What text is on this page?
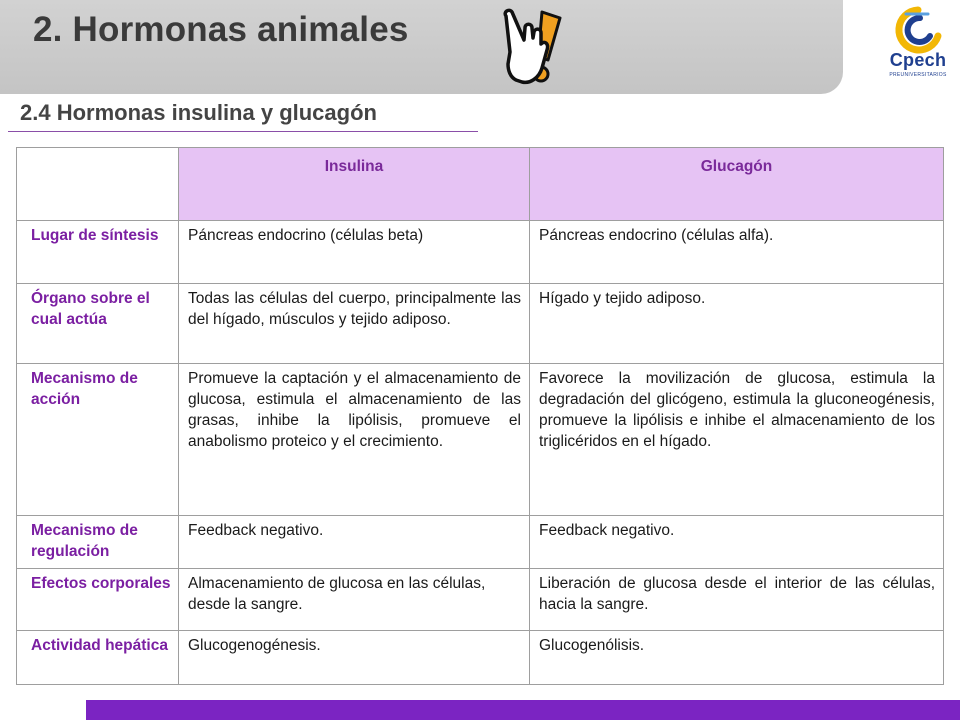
2. Hormonas animales
Cpech
PREUNIVERSITARIOS
2.4 Hormonas insulina y glucagón
	Insulina	Glucagón
Lugar de síntesis	Páncreas endocrino (células beta)	Páncreas endocrino (células alfa).
Órgano sobre el cual actúa	Todas las células del cuerpo, principalmente las del hígado, músculos y tejido adiposo.	Hígado y tejido adiposo.
Mecanismo de acción	Promueve la captación y el almacenamiento de glucosa, estimula el almacenamiento de las grasas, inhibe la lipólisis, promueve el anabolismo proteico y el crecimiento.	Favorece la movilización de glucosa, estimula la degradación del glicógeno, estimula la gluconeogénesis, promueve la lipólisis e inhibe el almacenamiento de los triglicéridos en el hígado.
Mecanismo de regulación	Feedback negativo.	Feedback negativo.
Efectos corporales	Almacenamiento de glucosa en las células, desde la sangre.	Liberación de glucosa desde el interior de las células, hacia la sangre.
Actividad hepática	Glucogenogénesis.	Glucogenólisis.
